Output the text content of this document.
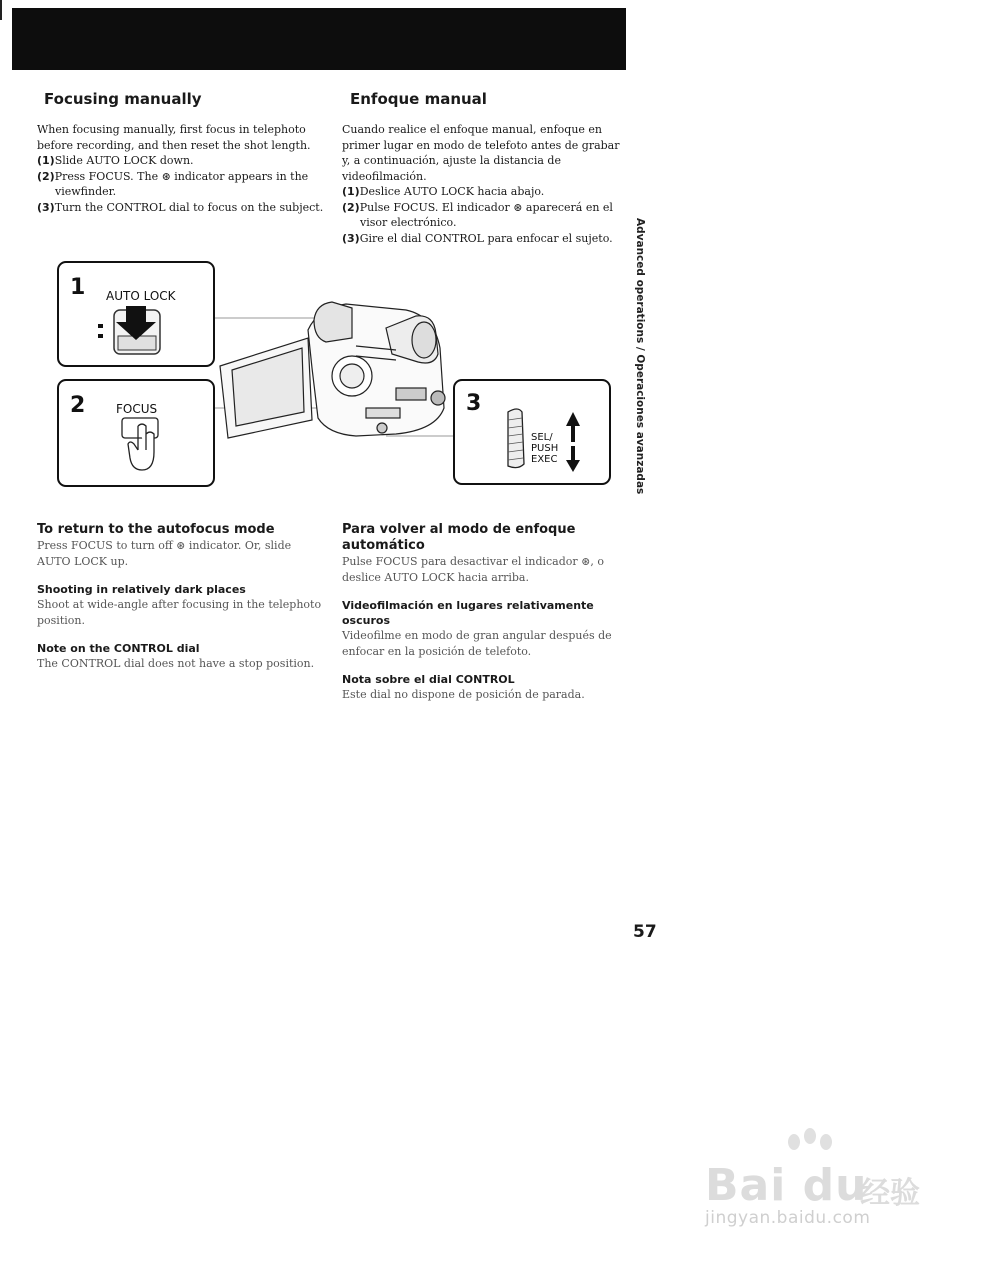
Focusing manually

When focusing manually, first focus in telephoto before recording, and then reset the shot length.

(1)Slide AUTO LOCK down.

(2)Press FOCUS. The ⊛ indicator appears in the viewfinder.

(3)Turn the CONTROL dial to focus on the subject.

Enfoque manual

Cuando realice el enfoque manual, enfoque en primer lugar en modo de telefoto antes de grabar y, a continuación, ajuste la distancia de videofilmación.

(1)Deslice AUTO LOCK hacia abajo.

(2)Pulse FOCUS. El indicador ⊛ aparecerá en el visor electrónico.

(3)Gire el dial CONTROL para enfocar el sujeto.	Advanced operations / Operaciones avanzadas
1 AUTO LOCK
2	FOCUS	3
SEL/
PUSH
EXEC
To return to the autofocus mode

Press FOCUS to turn off ⊛ indicator. Or, slide AUTO LOCK up.

Shooting in relatively dark places

Shoot at wide-angle after focusing in the telephoto position.

Note on the CONTROL dial

The CONTROL dial does not have a stop position.

Para volver al modo de enfoque automático

Pulse FOCUS para desactivar el indicador ⊛, o deslice AUTO LOCK hacia arriba.

Videofilmación en lugares relativamente oscuros

Videofilme en modo de gran angular después de enfocar en la posición de telefoto.

Nota sobre el dial CONTROL

Este dial no dispone de posición de parada.

57
Bai du
经验
jingyan.baidu.com
